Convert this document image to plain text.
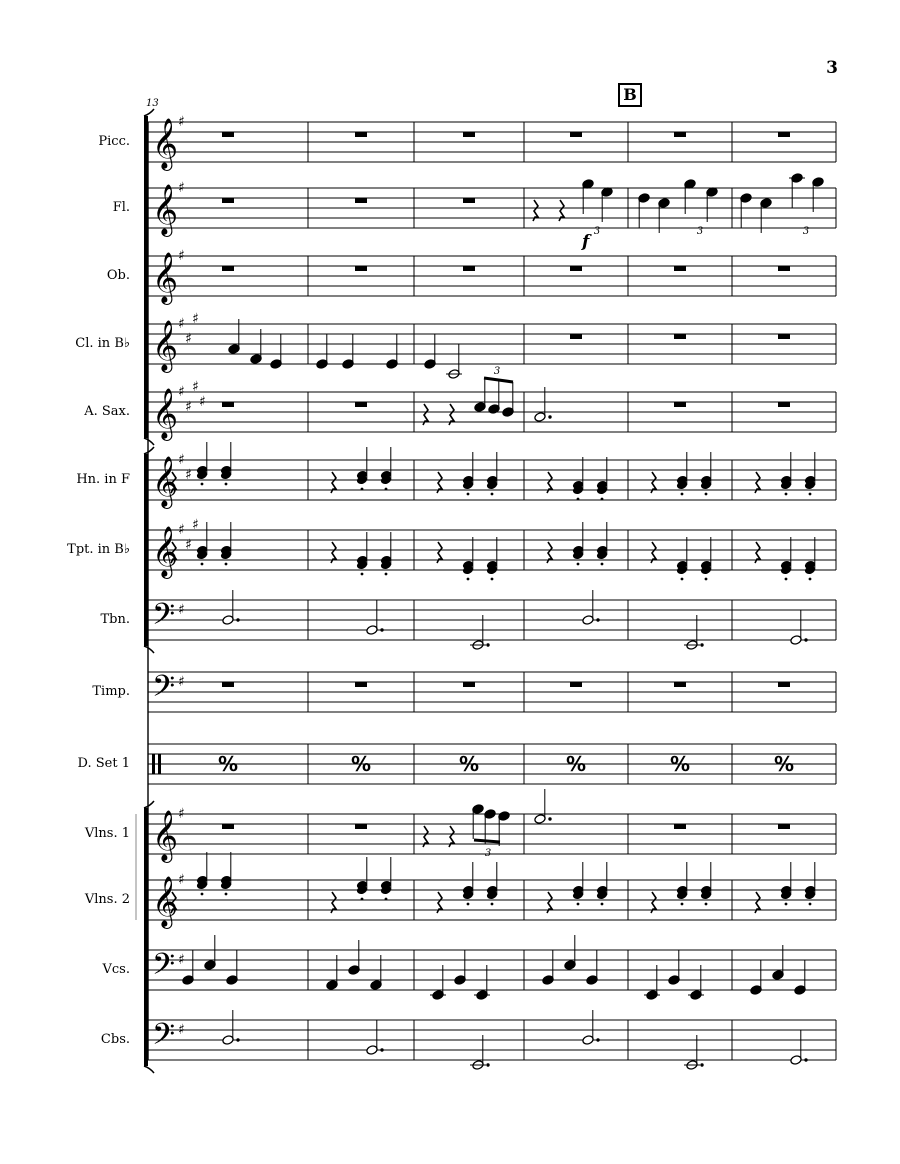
3
B
13
f
Picc.
Fl.
Ob.
Cl. in B♭
A. Sax.
Hn. in F
Tpt. in B♭
Tbn.
Timp.
D. Set 1
Vlns. 1
Vlns. 2
Vcs.
Cbs.
𝄞 ♯
𝄞 ♯
𝄞 ♯
𝄞 ♯
♯
♯
𝄞 ♯
♯
♯
♯
𝄞 ♯
♯
𝄞 ♯
♯
♯
𝄢 ♯
𝄢 ♯
𝄞 ♯
𝄞 ♯
𝄢 ♯
𝄢 ♯
3	3	3
3
%	%	%	%	%	%
3
